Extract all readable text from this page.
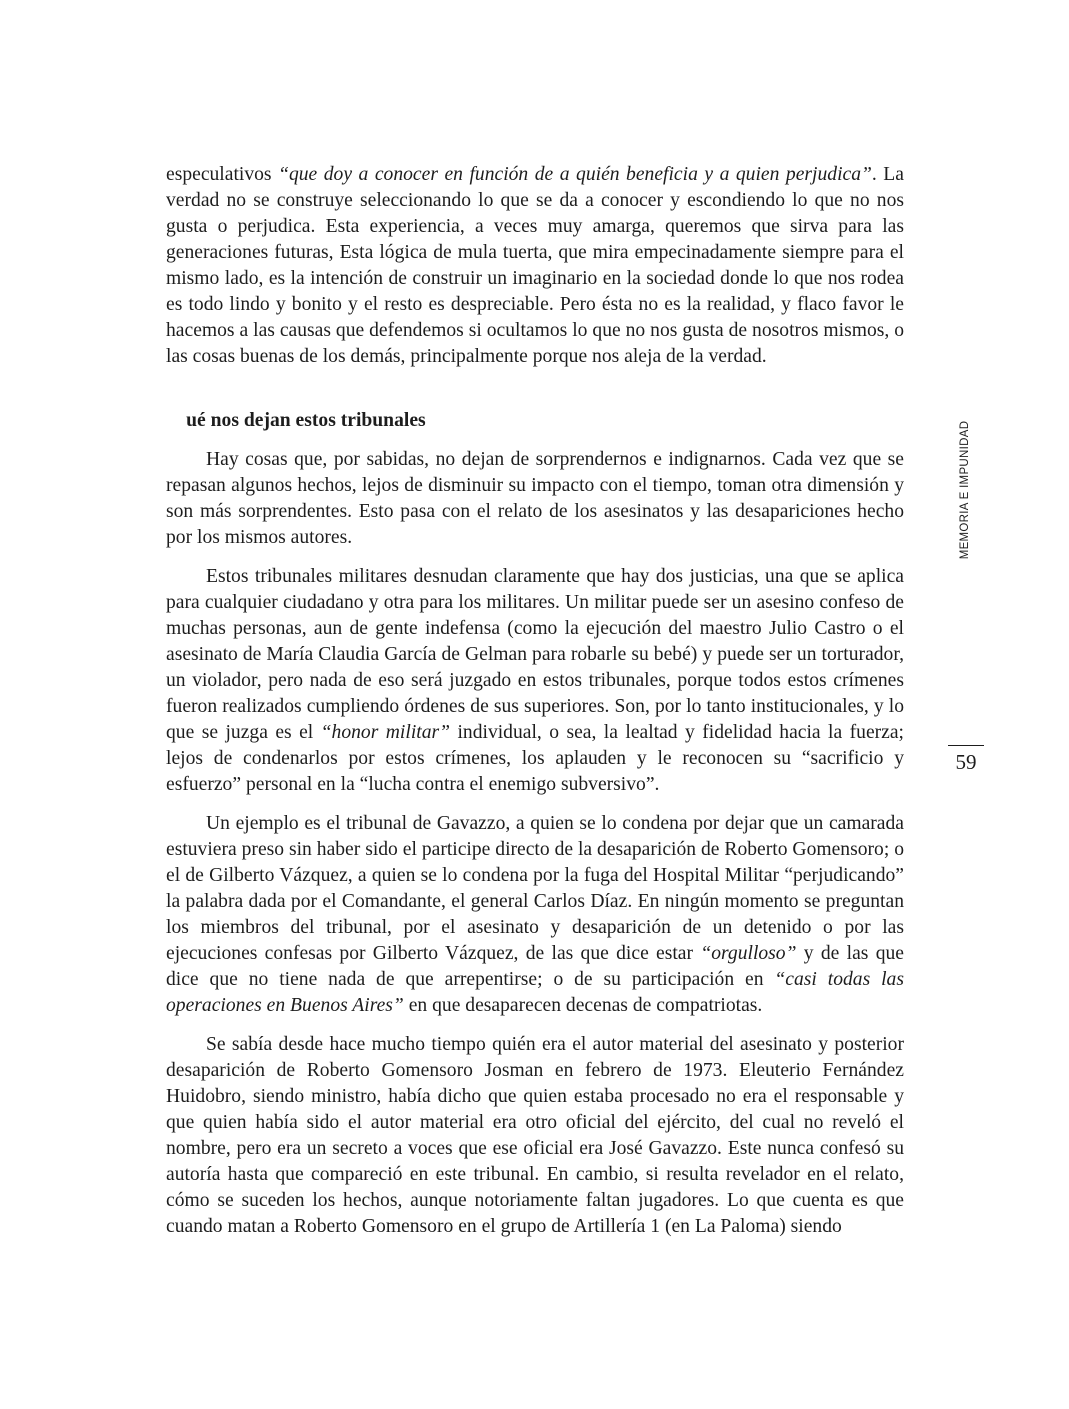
especulativos “que doy a conocer en función de a quién beneficia y a quien perjudica”. La verdad no se construye seleccionando lo que se da a conocer y escondiendo lo que no nos gusta o perjudica. Esta experiencia, a veces muy amarga, queremos que sirva para las generaciones futuras, Esta lógica de mula tuerta, que mira empecinadamente siempre para el mismo lado, es la intención de construir un imaginario en la sociedad donde lo que nos rodea es todo lindo y bonito y el resto es despreciable. Pero ésta no es la realidad, y flaco favor le hacemos a las causas que defendemos si ocultamos lo que no nos gusta de nosotros mismos, o las cosas buenas de los demás, principalmente porque nos aleja de la verdad.

  ué nos dejan estos tribunales

Hay cosas que, por sabidas, no dejan de sorprendernos e indignarnos. Cada vez que se repasan algunos hechos, lejos de disminuir su impacto con el tiempo, toman otra dimensión y son más sorprendentes. Esto pasa con el relato de los asesinatos y las desapariciones hecho por los mismos autores.

Estos tribunales militares desnudan claramente que hay dos justicias, una que se aplica para cualquier ciudadano y otra para los militares. Un militar puede ser un asesino confeso de muchas personas, aun de gente indefensa (como la ejecución del maestro Julio Castro o el asesinato de María Claudia García de Gelman para robarle su bebé) y puede ser un torturador, un violador, pero nada de eso será juzgado en estos tribunales, porque todos estos crímenes fueron realizados cumpliendo órdenes de sus superiores. Son, por lo tanto institucionales, y lo que se juzga es el “honor militar” individual, o sea, la lealtad y fidelidad hacia la fuerza; lejos de condenarlos por estos crímenes, los aplauden y le reconocen su “sacrificio y esfuerzo” personal en la “lucha contra el enemigo subversivo”.

Un ejemplo es el tribunal de Gavazzo, a quien se lo condena por dejar que un camarada estuviera preso sin haber sido el participe directo de la desaparición de Roberto Gomensoro; o el de Gilberto Vázquez, a quien se lo condena por la fuga del Hospital Militar “perjudicando” la palabra dada por el Comandante, el general Carlos Díaz. En ningún momento se preguntan los miembros del tribunal, por el asesinato y desaparición de un detenido o por las ejecuciones confesas por Gilberto Vázquez, de las que dice estar “orgulloso” y de las que dice que no tiene nada de que arrepentirse; o de su participación en “casi todas las operaciones en Buenos Aires” en que desaparecen decenas de compatriotas.

Se sabía desde hace mucho tiempo quién era el autor material del asesinato y posterior desaparición de Roberto Gomensoro Josman en febrero de 1973. Eleuterio Fernández Huidobro, siendo ministro, había dicho que quien estaba procesado no era el responsable y que quien había sido el autor material era otro oficial del ejército, del cual no reveló el nombre, pero era un secreto a voces que ese oficial era José Gavazzo. Este nunca confesó su autoría hasta que compareció en este tribunal. En cambio, si resulta revelador en el relato, cómo se suceden los hechos, aunque notoriamente faltan jugadores. Lo que cuenta es que cuando matan a Roberto Gomensoro en el grupo de Artillería 1 (en La Paloma) siendo

MEMORIA E IMPUNIDAD
59
